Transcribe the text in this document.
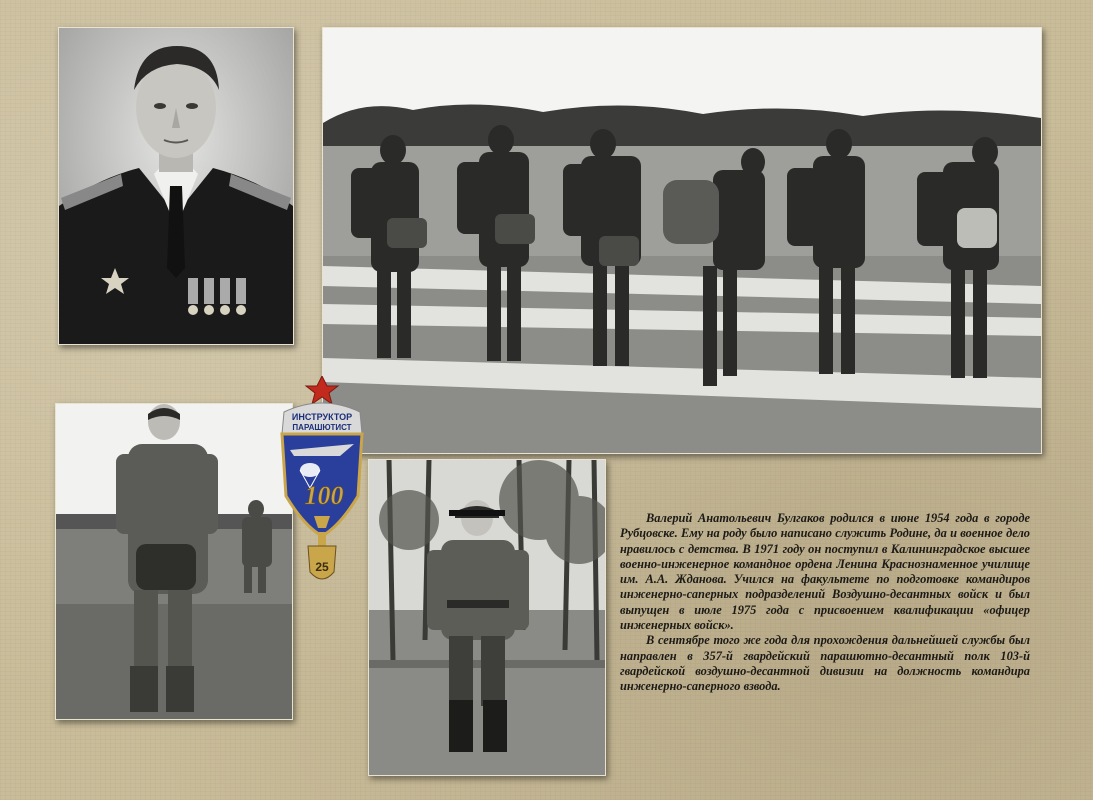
ИНСТРУКТОР
ПАРАШЮТИСТ
100
25

Валерий Анатольевич Булгаков родился в июне 1954 года в городе Рубцовске. Ему на роду было написано служить Родине, да и военное дело нравилось с детства. В 1971 году он поступил в Калининградское высшее военно-инженерное командное ордена Ленина Краснознаменное училище им. А.А. Жданова. Учился на факультете по подготовке командиров инженерно-саперных подразделений Воздушно-десантных войск и был выпущен в июле 1975 года с присвоением квалификации «офицер инженерных войск».

В сентябре того же года для прохождения дальнейшей службы был направлен в 357-й гвардейский парашютно-десантный полк 103-й гвардейской воздушно-десантной дивизии на должность командира инженерно-саперного взвода.
